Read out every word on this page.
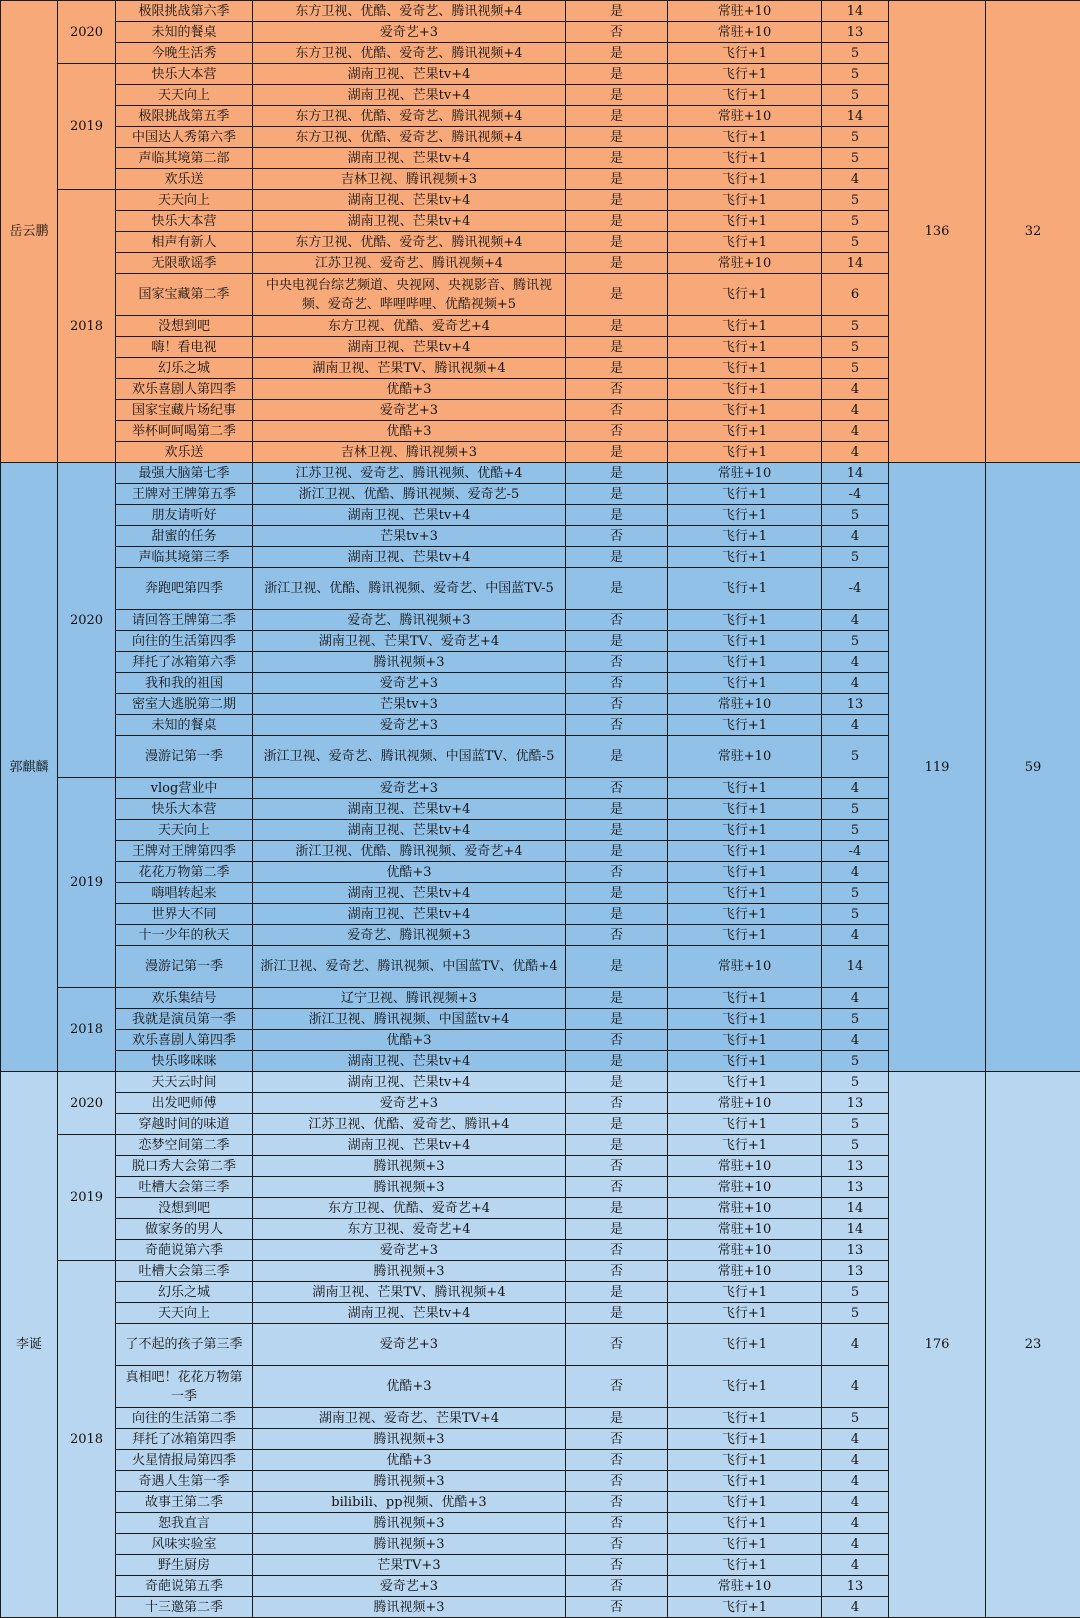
岳云鹏	2020	极限挑战第六季	东方卫视、优酷、爱奇艺、腾讯视频+4	是	常驻+10	14	136	32
		未知的餐桌	爱奇艺+3	否	常驻+10	13		
		今晚生活秀	东方卫视、优酷、爱奇艺、腾讯视频+4	是	飞行+1	5		
	2019	快乐大本营	湖南卫视、芒果tv+4	是	飞行+1	5		
		天天向上	湖南卫视、芒果tv+4	是	飞行+1	5		
		极限挑战第五季	东方卫视、优酷、爱奇艺、腾讯视频+4	是	常驻+10	14		
		中国达人秀第六季	东方卫视、优酷、爱奇艺、腾讯视频+4	是	飞行+1	5		
		声临其境第二部	湖南卫视、芒果tv+4	是	飞行+1	5		
		欢乐送	吉林卫视、腾讯视频+3	是	飞行+1	4		
	2018	天天向上	湖南卫视、芒果tv+4	是	飞行+1	5		
		快乐大本营	湖南卫视、芒果tv+4	是	飞行+1	5		
		相声有新人	东方卫视、优酷、爱奇艺、腾讯视频+4	是	飞行+1	5		
		无限歌谣季	江苏卫视、爱奇艺、腾讯视频+4	是	常驻+10	14		
		国家宝藏第二季	中央电视台综艺频道、央视网、央视影音、腾讯视频、爱奇艺、哔哩哔哩、优酷视频+5	是	飞行+1	6		
		没想到吧	东方卫视、优酷、爱奇艺+4	是	飞行+1	5		
		嗨！看电视	湖南卫视、芒果tv+4	是	飞行+1	5		
		幻乐之城	湖南卫视、芒果TV、腾讯视频+4	是	飞行+1	5		
		欢乐喜剧人第四季	优酷+3	否	飞行+1	4		
		国家宝藏片场纪事	爱奇艺+3	否	飞行+1	4		
		举杯呵呵喝第二季	优酷+3	否	飞行+1	4		
		欢乐送	吉林卫视、腾讯视频+3	是	飞行+1	4		
郭麒麟	2020	最强大脑第七季	江苏卫视、爱奇艺、腾讯视频、优酷+4	是	常驻+10	14	119	59
		王牌对王牌第五季	浙江卫视、优酷、腾讯视频、爱奇艺-5	是	飞行+1	-4		
		朋友请听好	湖南卫视、芒果tv+4	是	飞行+1	5		
		甜蜜的任务	芒果tv+3	否	飞行+1	4		
		声临其境第三季	湖南卫视、芒果tv+4	是	飞行+1	5		
		奔跑吧第四季	浙江卫视、优酷、腾讯视频、爱奇艺、中国蓝TV-5	是	飞行+1	-4		
		请回答王牌第二季	爱奇艺、腾讯视频+3	否	飞行+1	4		
		向往的生活第四季	湖南卫视、芒果TV、爱奇艺+4	是	飞行+1	5		
		拜托了冰箱第六季	腾讯视频+3	否	飞行+1	4		
		我和我的祖国	爱奇艺+3	否	飞行+1	4		
		密室大逃脱第二期	芒果tv+3	否	常驻+10	13		
		未知的餐桌	爱奇艺+3	否	飞行+1	4		
		漫游记第一季	浙江卫视、爱奇艺、腾讯视频、中国蓝TV、优酷-5	是	常驻+10	5		
	2019	vlog营业中	爱奇艺+3	否	飞行+1	4		
		快乐大本营	湖南卫视、芒果tv+4	是	飞行+1	5		
		天天向上	湖南卫视、芒果tv+4	是	飞行+1	5		
		王牌对王牌第四季	浙江卫视、优酷、腾讯视频、爱奇艺+4	是	飞行+1	-4		
		花花万物第二季	优酷+3	否	飞行+1	4		
		嗨唱转起来	湖南卫视、芒果tv+4	是	飞行+1	5		
		世界大不同	湖南卫视、芒果tv+4	是	飞行+1	5		
		十一少年的秋天	爱奇艺、腾讯视频+3	否	飞行+1	4		
		漫游记第一季	浙江卫视、爱奇艺、腾讯视频、中国蓝TV、优酷+4	是	常驻+10	14		
	2018	欢乐集结号	辽宁卫视、腾讯视频+3	是	飞行+1	4		
		我就是演员第一季	浙江卫视、腾讯视频、中国蓝tv+4	是	飞行+1	5		
		欢乐喜剧人第四季	优酷+3	否	飞行+1	4		
		快乐哆咪咪	湖南卫视、芒果tv+4	是	飞行+1	5		
李诞	2020	天天云时间	湖南卫视、芒果tv+4	是	飞行+1	5	176	23
		出发吧师傅	爱奇艺+3	否	常驻+10	13		
		穿越时间的味道	江苏卫视、优酷、爱奇艺、腾讯+4	是	飞行+1	5		
	2019	恋梦空间第二季	湖南卫视、芒果tv+4	是	飞行+1	5		
		脱口秀大会第二季	腾讯视频+3	否	常驻+10	13		
		吐槽大会第三季	腾讯视频+3	否	常驻+10	13		
		没想到吧	东方卫视、优酷、爱奇艺+4	是	常驻+10	14		
		做家务的男人	东方卫视、爱奇艺+4	是	常驻+10	14		
		奇葩说第六季	爱奇艺+3	否	常驻+10	13		
	2018	吐槽大会第三季	腾讯视频+3	否	常驻+10	13		
		幻乐之城	湖南卫视、芒果TV、腾讯视频+4	是	飞行+1	5		
		天天向上	湖南卫视、芒果tv+4	是	飞行+1	5		
		了不起的孩子第三季	爱奇艺+3	否	飞行+1	4		
		真相吧！花花万物第一季	优酷+3	否	飞行+1	4		
		向往的生活第二季	湖南卫视、爱奇艺、芒果TV+4	是	飞行+1	5		
		拜托了冰箱第四季	腾讯视频+3	否	飞行+1	4		
		火星情报局第四季	优酷+3	否	飞行+1	4		
		奇遇人生第一季	腾讯视频+3	否	飞行+1	4		
		故事王第二季	bilibili、pp视频、优酷+3	否	飞行+1	4		
		恕我直言	腾讯视频+3	否	飞行+1	4		
		风味实验室	腾讯视频+3	否	飞行+1	4		
		野生厨房	芒果TV+3	否	飞行+1	4		
		奇葩说第五季	爱奇艺+3	否	常驻+10	13		
		十三邀第二季	腾讯视频+3	否	飞行+1	4		
